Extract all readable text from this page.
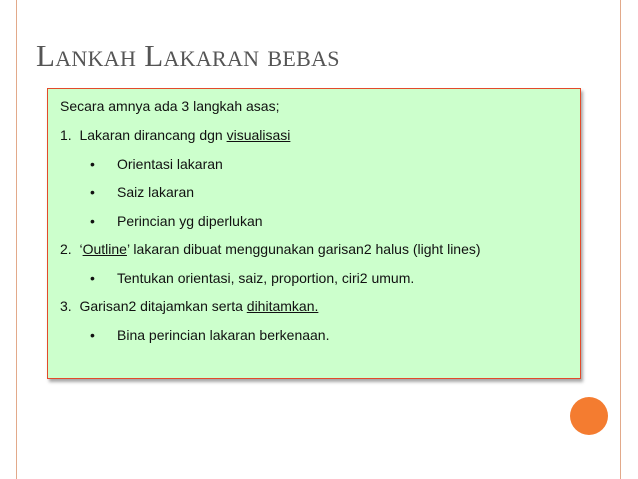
Lankah Lakaran bebas
Secara amnya ada 3 langkah asas;
1. Lakaran dirancang dgn visualisasi
• Orientasi lakaran
• Saiz lakaran
• Perincian yg diperlukan
2. ‘Outline’ lakaran dibuat menggunakan garisan2 halus (light lines)
• Tentukan orientasi, saiz, proportion, ciri2 umum.
3. Garisan2 ditajamkan serta dihitamkan.
• Bina perincian lakaran berkenaan.
